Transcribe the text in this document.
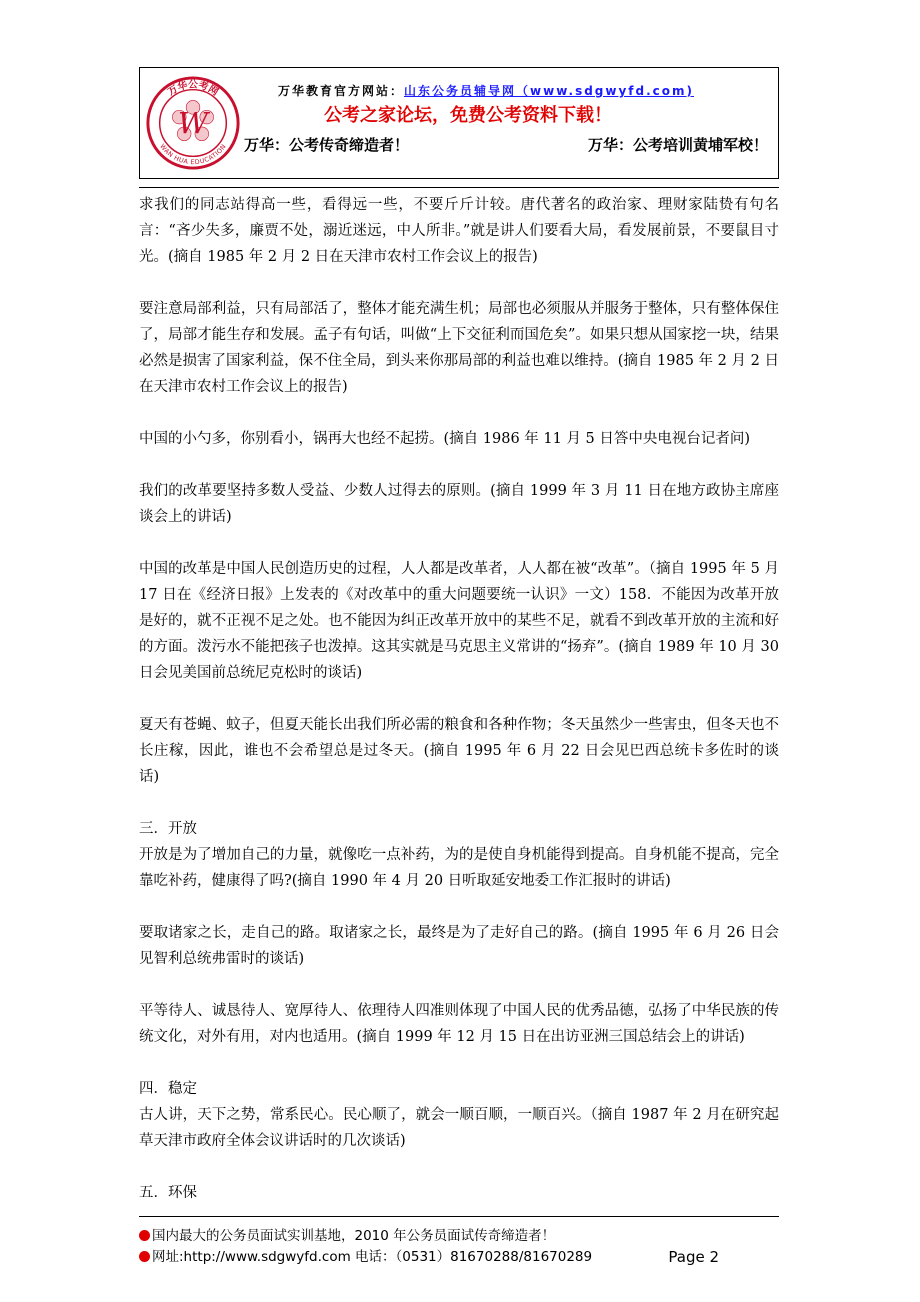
W
万华公考网
WAN HUA EDUCATION
万华教育官方网站：山东公务员辅导网（www.sdgwyfd.com)
公考之家论坛，免费公考资料下载！
万华：公考传奇缔造者！	万华：公考培训黄埔军校！

求我们的同志站得高一些，看得远一些，不要斤斤计较。唐代著名的政治家、理财家陆贽有句名言：“吝少失多，廉贾不处，溺近迷远，中人所非。”就是讲人们要看大局，看发展前景，不要鼠目寸光。(摘自 1985 年 2 月 2 日在天津市农村工作会议上的报告)

要注意局部利益，只有局部活了，整体才能充满生机；局部也必须服从并服务于整体，只有整体保住了，局部才能生存和发展。孟子有句话，叫做“上下交征利而国危矣”。如果只想从国家挖一块，结果必然是损害了国家利益，保不住全局，到头来你那局部的利益也难以维持。(摘自 1985 年 2 月 2 日在天津市农村工作会议上的报告)

中国的小勺多，你别看小，锅再大也经不起捞。(摘自 1986 年 11 月 5 日答中央电视台记者问)

我们的改革要坚持多数人受益、少数人过得去的原则。(摘自 1999 年 3 月 11 日在地方政协主席座谈会上的讲话)

中国的改革是中国人民创造历史的过程，人人都是改革者，人人都在被“改革”。（摘自 1995 年 5 月 17 日在《经济日报》上发表的《对改革中的重大问题要统一认识》一文）158．不能因为改革开放是好的，就不正视不足之处。也不能因为纠正改革开放中的某些不足，就看不到改革开放的主流和好的方面。泼污水不能把孩子也泼掉。这其实就是马克思主义常讲的“扬弃”。(摘自 1989 年 10 月 30 日会见美国前总统尼克松时的谈话)

夏天有苍蝇、蚊子，但夏天能长出我们所必需的粮食和各种作物；冬天虽然少一些害虫，但冬天也不长庄稼，因此，谁也不会希望总是过冬天。(摘自 1995 年 6 月 22 日会见巴西总统卡多佐时的谈话)

三．开放

开放是为了增加自己的力量，就像吃一点补药，为的是使自身机能得到提高。自身机能不提高，完全靠吃补药，健康得了吗?(摘自 1990 年 4 月 20 日听取延安地委工作汇报时的讲话)

要取诸家之长，走自己的路。取诸家之长，最终是为了走好自己的路。(摘自 1995 年 6 月 26 日会见智利总统弗雷时的谈话)

平等待人、诚恳待人、宽厚待人、依理待人四准则体现了中国人民的优秀品德，弘扬了中华民族的传统文化，对外有用，对内也适用。(摘自 1999 年 12 月 15 日在出访亚洲三国总结会上的讲话)

四．稳定

古人讲，天下之势，常系民心。民心顺了，就会一顺百顺，一顺百兴。（摘自 1987 年 2 月在研究起草天津市政府全体会议讲话时的几次谈话)

五．环保

国内最大的公务员面试实训基地，2010 年公务员面试传奇缔造者！
网址:http://www.sdgwyfd.com 电话：（0531）81670288/81670289	Page 2
